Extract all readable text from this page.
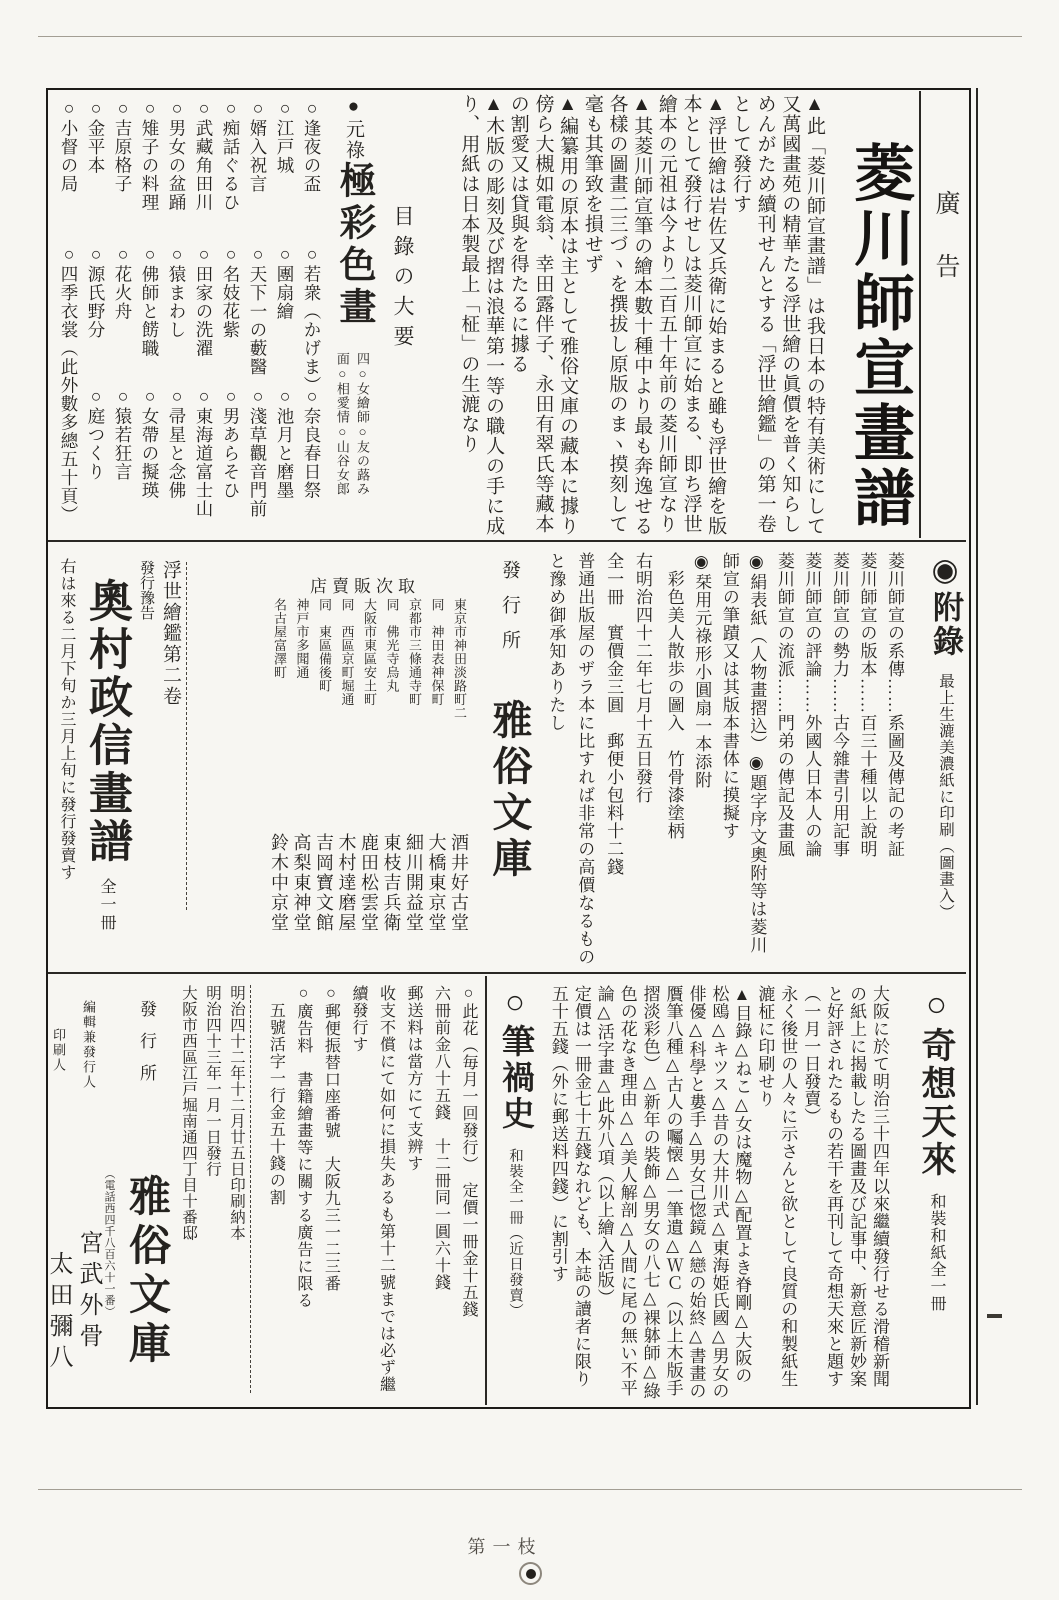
廣告
菱川師宣畫譜

▲此「菱川師宣畫譜」は我日本の特有美術にして又萬國畫苑の精華たる浮世繪の眞價を普く知らしめんがため續刊せんとする「浮世繪鑑」の第一卷として發行す

▲浮世繪は岩佐又兵衛に始まると雖も浮世繪を版本として發行せしは菱川師宣に始まる、即ち浮世繪本の元祖は今より二百五十年前の菱川師宣なり

▲其菱川師宣筆の繪本數十種中より最も奔逸せる各樣の圖畫二三づヽを撰拔し原版のまヽ摸刻して毫も其筆致を損せず

▲編纂用の原本は主として雅俗文庫の藏本に據り傍ら大槻如電翁、幸田露伴子、永田有翠氏等藏本の割愛又は貸與を得たるに據る

▲木版の彫刻及び摺は浪華第一等の職人の手に成り、用紙は日本製最上「柾」の生漉なり

目錄の大要
●元祿極彩色畫

四○女繪師○友の蕗み

面○相愛情○山谷女郎

○逢夜の盃○若衆（かげま）○奈良春日祭

○江戸城○團扇繪○池月と磨墨

○婿入祝言○天下一の藪醫○淺草觀音門前

○痴話ぐるひ○名妓花紫○男あらそひ

○武藏角田川○田家の洗濯○東海道富士山

○男女の盆踊○猿まわし○帚星と念佛

○雉子の料理○佛師と餝職○女帶の擬瑛

○吉原格子○花火舟○猿若狂言

○金平本○源氏野分○庭つくり

○小督の局○四季衣裳（此外數多總五十頁）

◉附錄最上生漉美濃紙に印刷（圖畫入）

菱川師宣の系傳……系圖及傳記の考証

菱川師宣の版本……百三十種以上說明

菱川師宣の勢力……古今雜書引用記事

菱川師宣の評論……外國人日本人の論

菱川師宣の流派……門弟の傳記及畫風

◉絹表紙（人物畫摺込）◉題字序文奧附等は菱川師宣の筆蹟又は其版本書体に摸擬す

◉栞用元祿形小圓扇一本添附

　彩色美人散歩の圖入　竹骨漆塗柄

右明治四十二年七月十五日發行

全一冊　實價金三圓　郵便小包料十二錢

普通出版屋のザラ本に比すれば非常の高價なるものと豫め御承知ありたし

發行所雅俗文庫
取次販賣店

東京市神田淡路町二酒井好古堂

同　神田表神保町大橋東京堂

京都市三條通寺町細川開益堂

同　佛光寺烏丸東枝吉兵衛

大阪市東區安土町鹿田松雲堂

同　西區京町堀通木村達磨屋

同　東區備後町吉岡寶文館

神戸市多聞通高梨東神堂

名古屋富澤町鈴木中京堂

浮世繪鑑第二卷

發行豫告

奧村政信畫譜全一冊
右は來る二月下旬か三月上旬に發行發賣す
○奇想天來和裝和紙全一冊

大阪に於て明治三十四年以來繼續發行せる滑稽新聞の紙上に揭載したる圖畫及び記事中、新意匠新妙案と好評されたるもの若干を再刊して奇想天來と題す（一月一日發賣）

永く後世の人々に示さんと欲として良質の和製紙生漉柾に印刷せり

▲目錄△ねこ△女は魔物△配置よき脊剛△大阪の松鴎△キツス△昔の大井川式△東海姫氏國△男女の俳優△科學と婁手△男女己惚鏡△戀の始終△書畫の贋筆八種△古人の囑懐△一筆遺△ＷＣ（以上木版手摺淡彩色）△新年の裝飾△男女の八七△裸躰師△綠色の花なき理由△△美人解剖△人間に尾の無い不平論△活字畫△此外八項（以上繪入活版）

定價は一冊金七十五錢なれども、本誌の讀者に限り五十五錢（外に郵送料四錢）に割引す

○筆禍史和裝全一冊（近日發賣）

○此花（毎月一回發行）　定價一冊金十五錢

六冊前金八十五錢　十二冊同一圓六十錢

郵送料は當方にて支辨す

收支不償にて如何に損失あるも第十二號までは必ず繼續發行す

○郵便振替口座番號　大阪九三一二三番

○廣告料　書籍繪畫等に關する廣告に限る

　五號活字一行金五十錢の割

明治四十二年十二月廿五日印刷納本

明治四十三年一月一日發行

大阪市西區江戸堀南通四丁目十番邸

發行所雅俗文庫
（電話西四千八百六十一番）
編輯兼發行人宮武外骨
印刷人太田彌八
第一枝
